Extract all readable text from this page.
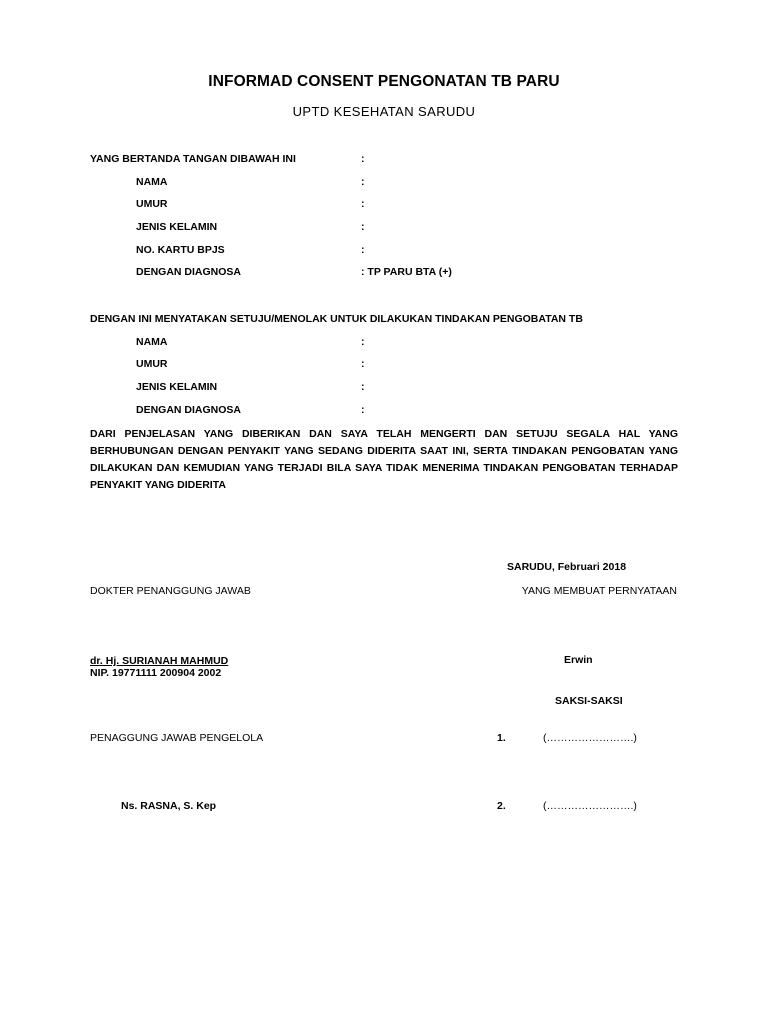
INFORMAD CONSENT PENGONATAN TB PARU
UPTD KESEHATAN SARUDU
YANG BERTANDA TANGAN DIBAWAH INI	:
NAMA	:
UMUR	:
JENIS KELAMIN	:
NO. KARTU BPJS	:
DENGAN DIAGNOSA	: TP PARU BTA (+)
DENGAN INI MENYATAKAN SETUJU/MENOLAK UNTUK DILAKUKAN TINDAKAN PENGOBATAN TB
NAMA	:
UMUR	:
JENIS KELAMIN	:
DENGAN DIAGNOSA	:
DARI PENJELASAN YANG DIBERIKAN DAN SAYA TELAH MENGERTI DAN SETUJU SEGALA HAL YANG BERHUBUNGAN DENGAN PENYAKIT YANG SEDANG DIDERITA SAAT INI, SERTA TINDAKAN PENGOBATAN YANG DILAKUKAN DAN KEMUDIAN YANG TERJADI BILA SAYA TIDAK MENERIMA TINDAKAN PENGOBATAN TERHADAP PENYAKIT YANG DIDERITA
SARUDU, Februari 2018
DOKTER PENANGGUNG JAWAB	YANG MEMBUAT PERNYATAAN
dr. Hj. SURIANAH MAHMUD
NIP. 19771111 200904 2002
Erwin
SAKSI-SAKSI
PENAGGUNG JAWAB PENGELOLA	1.	(…………………….)
Ns. RASNA, S. Kep	2.	(…………………….)
